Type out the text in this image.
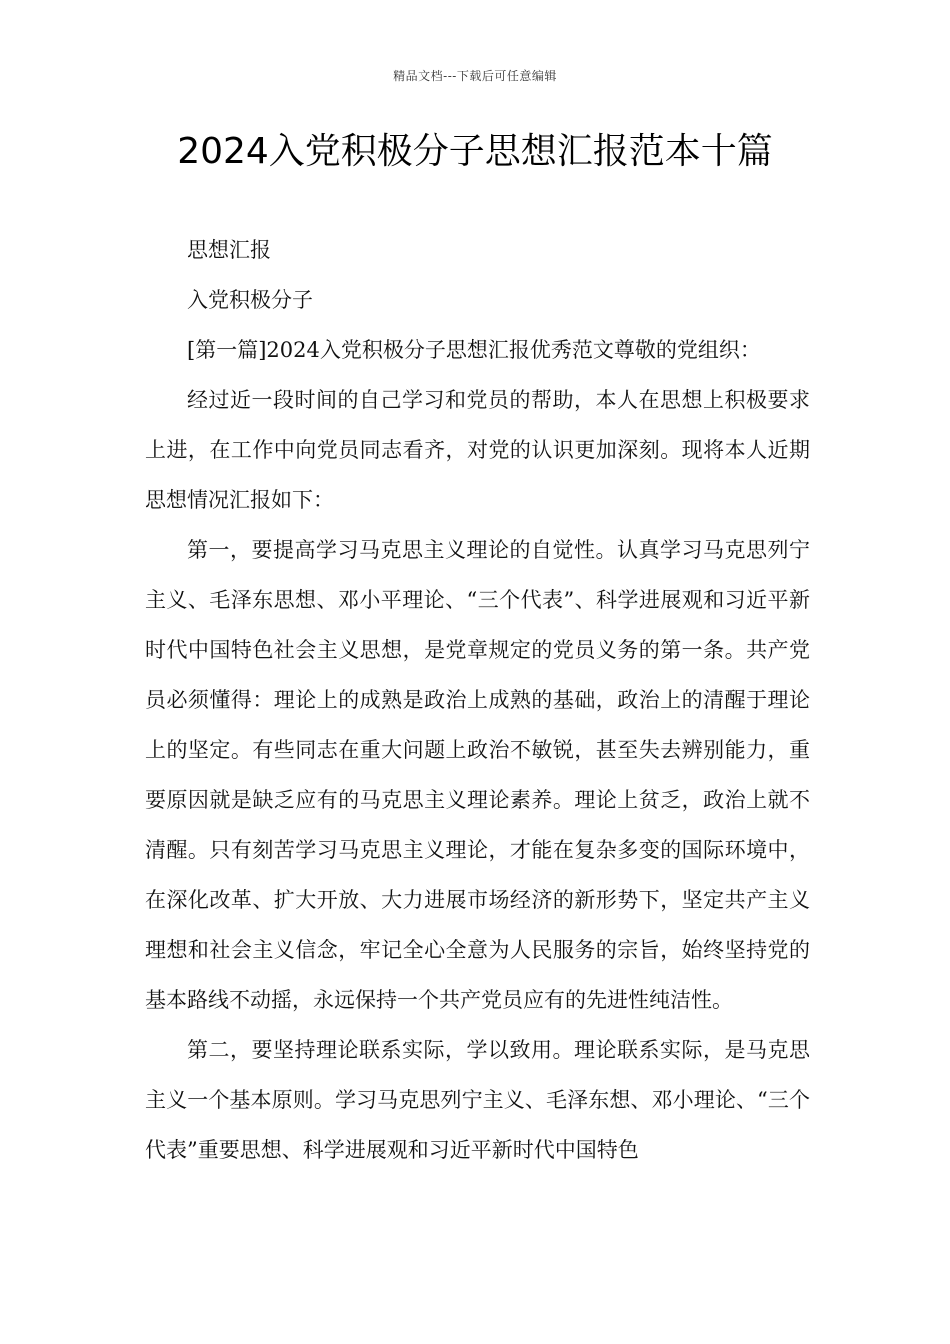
精品文档---下载后可任意编辑
2024入党积极分子思想汇报范本十篇

思想汇报

入党积极分子

[第一篇]2024入党积极分子思想汇报优秀范文尊敬的党组织：

经过近一段时间的自己学习和党员的帮助，本人在思想上积极要求上进，在工作中向党员同志看齐，对党的认识更加深刻。现将本人近期思想情况汇报如下：

第一，要提高学习马克思主义理论的自觉性。认真学习马克思列宁主义、毛泽东思想、邓小平理论、“三个代表”、科学进展观和习近平新时代中国特色社会主义思想，是党章规定的党员义务的第一条。共产党员必须懂得：理论上的成熟是政治上成熟的基础，政治上的清醒于理论上的坚定。有些同志在重大问题上政治不敏锐，甚至失去辨别能力，重要原因就是缺乏应有的马克思主义理论素养。理论上贫乏，政治上就不清醒。只有刻苦学习马克思主义理论，才能在复杂多变的国际环境中，在深化改革、扩大开放、大力进展市场经济的新形势下，坚定共产主义理想和社会主义信念，牢记全心全意为人民服务的宗旨，始终坚持党的基本路线不动摇，永远保持一个共产党员应有的先进性纯洁性。

第二，要坚持理论联系实际，学以致用。理论联系实际，是马克思主义一个基本原则。学习马克思列宁主义、毛泽东想、邓小理论、“三个代表”重要思想、科学进展观和习近平新时代中国特色
